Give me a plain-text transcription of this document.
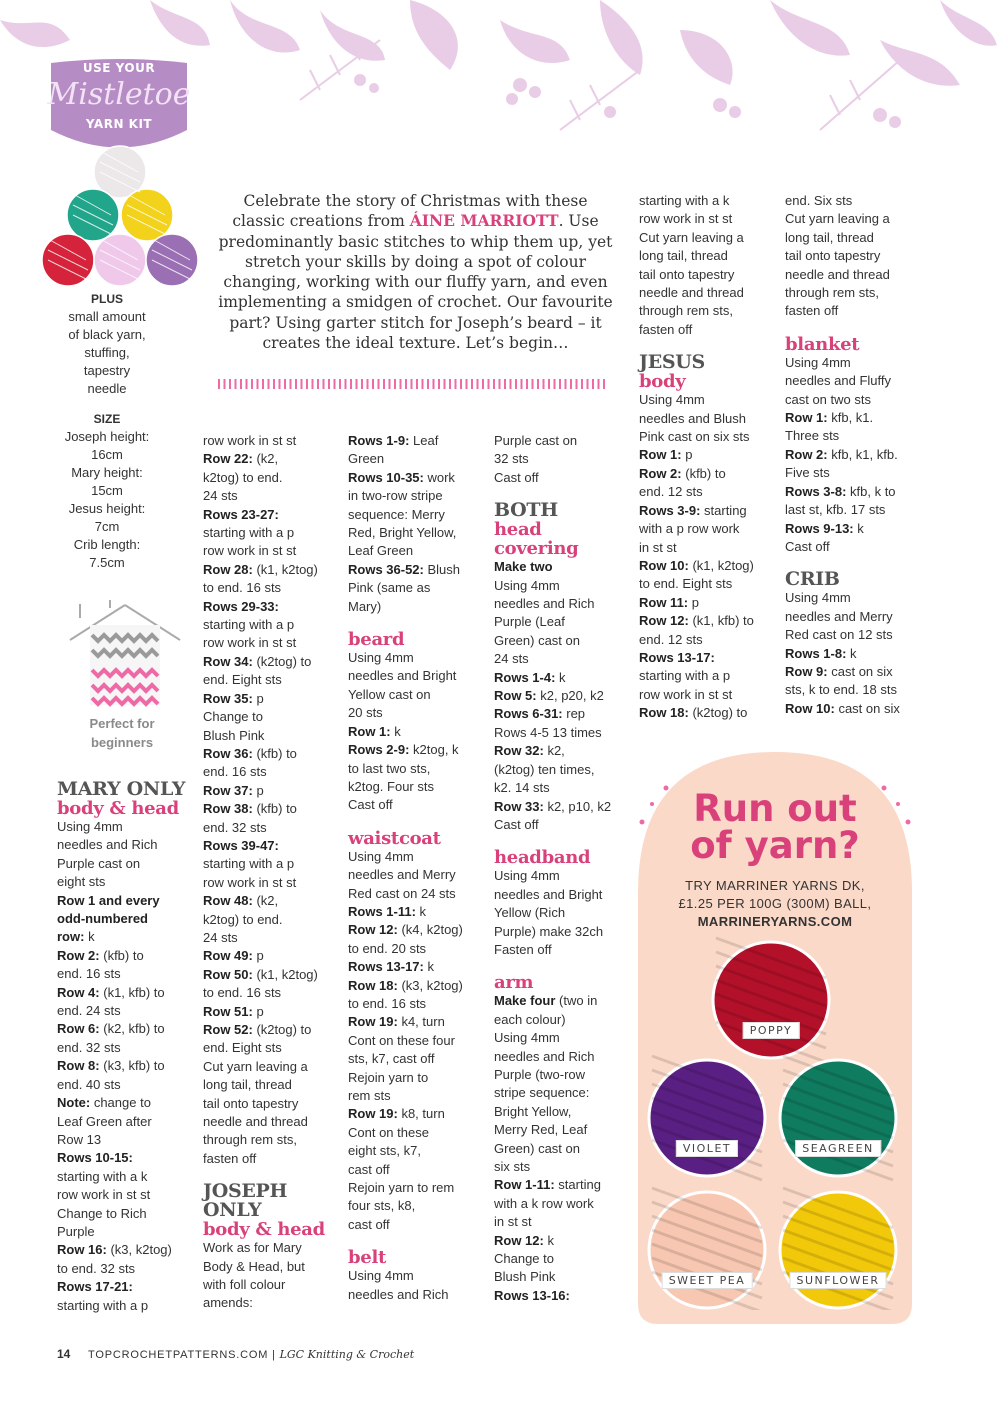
USE YOUR
Mistletoe
YARN KIT
PLUS
small amount
of black yarn,
stuffing,
tapestry
needle
SIZE
Joseph height:
16cm
Mary height:
15cm
Jesus height:
7cm
Crib length:
7.5cm
Perfect for
beginners
Celebrate the story of Christmas with these classic creations from ÁINE MARRIOTT. Use predominantly basic stitches to whip them up, yet stretch your skills by doing a spot of colour changing, working with our fluffy yarn, and even implementing a smidgen of crochet. Our favourite part? Using garter stitch for Joseph’s beard – it creates the ideal texture. Let’s begin…
MARY ONLY
body & head

Using 4mm

needles and Rich

Purple cast on

eight sts

Row 1 and every

odd-numbered

row: k

Row 2: (kfb) to

end. 16 sts

Row 4: (k1, kfb) to

end. 24 sts

Row 6: (k2, kfb) to

end. 32 sts

Row 8: (k3, kfb) to

end. 40 sts

Note: change to

Leaf Green after

Row 13

Rows 10-15:

starting with a k

row work in st st

Change to Rich

Purple

Row 16: (k3, k2tog)

to end. 32 sts

Rows 17-21:

starting with a p

row work in st st

Row 22: (k2,

k2tog) to end.

24 sts

Rows 23-27:

starting with a p

row work in st st

Row 28: (k1, k2tog)

to end. 16 sts

Rows 29-33:

starting with a p

row work in st st

Row 34: (k2tog) to

end. Eight sts

Row 35: p

Change to

Blush Pink

Row 36: (kfb) to

end. 16 sts

Row 37: p

Row 38: (kfb) to

end. 32 sts

Rows 39-47:

starting with a p

row work in st st

Row 48: (k2,

k2tog) to end.

24 sts

Row 49: p

Row 50: (k1, k2tog)

to end. 16 sts

Row 51: p

Row 52: (k2tog) to

end. Eight sts

Cut yarn leaving a

long tail, thread

tail onto tapestry

needle and thread

through rem sts,

fasten off

JOSEPH
ONLY
body & head

Work as for Mary

Body & Head, but

with foll colour

amends:

Rows 1-9: Leaf

Green

Rows 10-35: work

in two-row stripe

sequence: Merry

Red, Bright Yellow,

Leaf Green

Rows 36-52: Blush

Pink (same as

Mary)

beard

Using 4mm

needles and Bright

Yellow cast on

20 sts

Row 1: k

Rows 2-9: k2tog, k

to last two sts,

k2tog. Four sts

Cast off

waistcoat

Using 4mm

needles and Merry

Red cast on 24 sts

Rows 1-11: k

Row 12: (k4, k2tog)

to end. 20 sts

Rows 13-17: k

Row 18: (k3, k2tog)

to end. 16 sts

Row 19: k4, turn

Cont on these four

sts, k7, cast off

Rejoin yarn to

rem sts

Row 19: k8, turn

Cont on these

eight sts, k7,

cast off

Rejoin yarn to rem

four sts, k8,

cast off

belt

Using 4mm

needles and Rich

Purple cast on

32 sts

Cast off

BOTH
head
covering

Make two

Using 4mm

needles and Rich

Purple (Leaf

Green) cast on

24 sts

Rows 1-4: k

Row 5: k2, p20, k2

Rows 6-31: rep

Rows 4-5 13 times

Row 32: k2,

(k2tog) ten times,

k2. 14 sts

Row 33: k2, p10, k2

Cast off

headband

Using 4mm

needles and Bright

Yellow (Rich

Purple) make 32ch

Fasten off

arm

Make four (two in

each colour)

Using 4mm

needles and Rich

Purple (two-row

stripe sequence:

Bright Yellow,

Merry Red, Leaf

Green) cast on

six sts

Row 1-11: starting

with a k row work

in st st

Row 12: k

Change to

Blush Pink

Rows 13-16:

starting with a k

row work in st st

Cut yarn leaving a

long tail, thread

tail onto tapestry

needle and thread

through rem sts,

fasten off

JESUS
body

Using 4mm

needles and Blush

Pink cast on six sts

Row 1: p

Row 2: (kfb) to

end. 12 sts

Rows 3-9: starting

with a p row work

in st st

Row 10: (k1, k2tog)

to end. Eight sts

Row 11: p

Row 12: (k1, kfb) to

end. 12 sts

Rows 13-17:

starting with a p

row work in st st

Row 18: (k2tog) to

end. Six sts

Cut yarn leaving a

long tail, thread

tail onto tapestry

needle and thread

through rem sts,

fasten off

blanket

Using 4mm

needles and Fluffy

cast on two sts

Row 1: kfb, k1.

Three sts

Row 2: kfb, k1, kfb.

Five sts

Rows 3-8: kfb, k to

last st, kfb. 17 sts

Rows 9-13: k

Cast off

CRIB

Using 4mm

needles and Merry

Red cast on 12 sts

Rows 1-8: k

Row 9: cast on six

sts, k to end. 18 sts

Row 10: cast on six

Run out
of yarn?
TRY MARRINER YARNS DK,
£1.25 PER 100G (300M) BALL,
MARRINERYARNS.COM
POPPY
VIOLET	SEAGREEN
SWEET PEA	SUNFLOWER
14 TOPCROCHETPATTERNS.COM | LGC Knitting & Crochet
